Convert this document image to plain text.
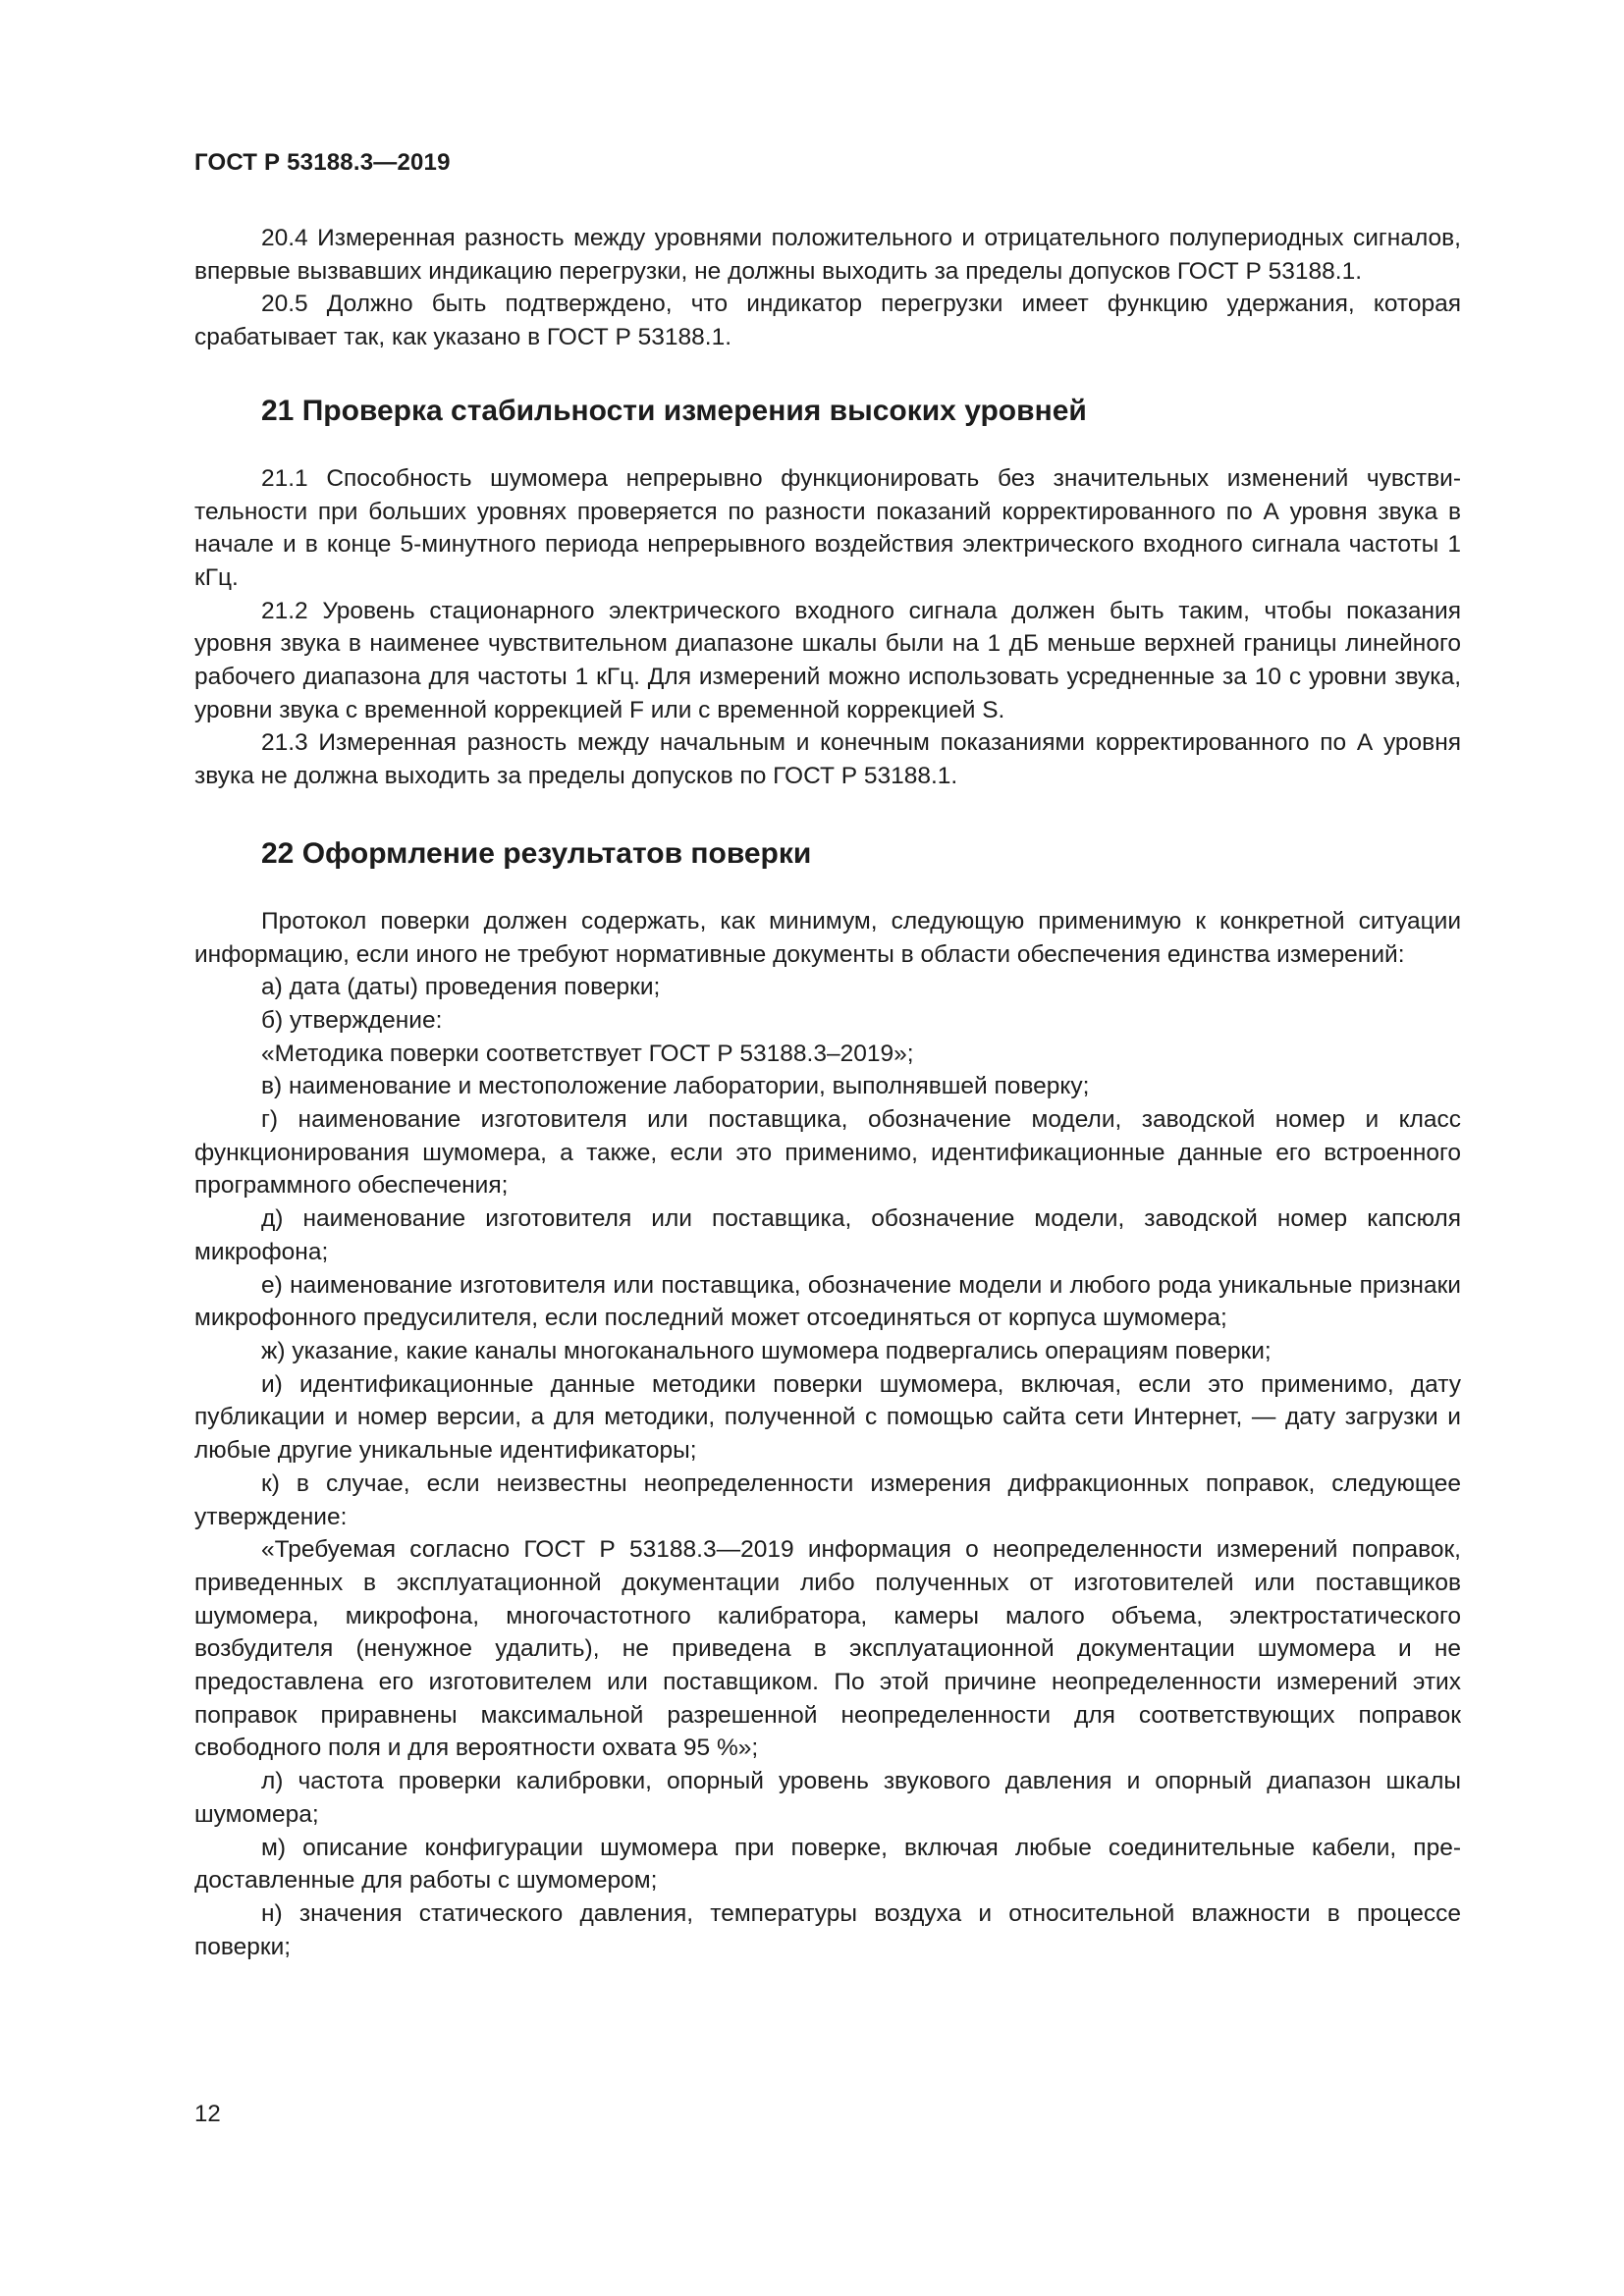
ГОСТ Р 53188.3—2019

20.4 Измеренная разность между уровнями положительного и отрицательного полупериодных сигналов, впервые вызвавших индикацию перегрузки, не должны выходить за пределы допусков ГОСТ Р 53188.1.

20.5 Должно быть подтверждено, что индикатор перегрузки имеет функцию удержания, которая срабатывает так, как указано в ГОСТ Р 53188.1.

21 Проверка стабильности измерения высоких уровней

21.1 Способность шумомера непрерывно функционировать без значительных изменений чувствительности при больших уровнях проверяется по разности показаний корректированного по А уровня звука в начале и в конце 5-минутного периода непрерывного воздействия электрического входного сигнала частоты 1 кГц.

21.2 Уровень стационарного электрического входного сигнала должен быть таким, чтобы показания уровня звука в наименее чувствительном диапазоне шкалы были на 1 дБ меньше верхней границы линейного рабочего диапазона для частоты 1 кГц. Для измерений можно использовать усредненные за 10 с уровни звука, уровни звука с временной коррекцией F или с временной коррекцией S.

21.3 Измеренная разность между начальным и конечным показаниями корректированного по А уровня звука не должна выходить за пределы допусков по ГОСТ Р 53188.1.

22 Оформление результатов поверки

Протокол поверки должен содержать, как минимум, следующую применимую к конкретной ситуации информацию, если иного не требуют нормативные документы в области обеспечения единства измерений:

а) дата (даты) проведения поверки;

б) утверждение:

«Методика поверки соответствует ГОСТ Р 53188.3–2019»;

в) наименование и местоположение лаборатории, выполнявшей поверку;

г) наименование изготовителя или поставщика, обозначение модели, заводской номер и класс функционирования шумомера, а также, если это применимо, идентификационные данные его встроенного программного обеспечения;

д) наименование изготовителя или поставщика, обозначение модели, заводской номер капсюля микрофона;

е) наименование изготовителя или поставщика, обозначение модели и любого рода уникальные признаки микрофонного предусилителя, если последний может отсоединяться от корпуса шумомера;

ж) указание, какие каналы многоканального шумомера подвергались операциям поверки;

и) идентификационные данные методики поверки шумомера, включая, если это применимо, дату публикации и номер версии, а для методики, полученной с помощью сайта сети Интернет, — дату загрузки и любые другие уникальные идентификаторы;

к) в случае, если неизвестны неопределенности измерения дифракционных поправок, следующее утверждение:

«Требуемая согласно ГОСТ Р 53188.3—2019 информация о неопределенности измерений поправок, приведенных в эксплуатационной документации либо полученных от изготовителей или поставщиков шумомера, микрофона, многочастотного калибратора, камеры малого объема, электростатического возбудителя (ненужное удалить), не приведена в эксплуатационной документации шумомера и не предоставлена его изготовителем или поставщиком. По этой причине неопределенности измерений этих поправок приравнены максимальной разрешенной неопределенности для соответствующих поправок свободного поля и для вероятности охвата 95 %»;

л) частота проверки калибровки, опорный уровень звукового давления и опорный диапазон шкалы шумомера;

м) описание конфигурации шумомера при поверке, включая любые соединительные кабели, предоставленные для работы с шумомером;

н) значения статического давления, температуры воздуха и относительной влажности в процессе поверки;

12
